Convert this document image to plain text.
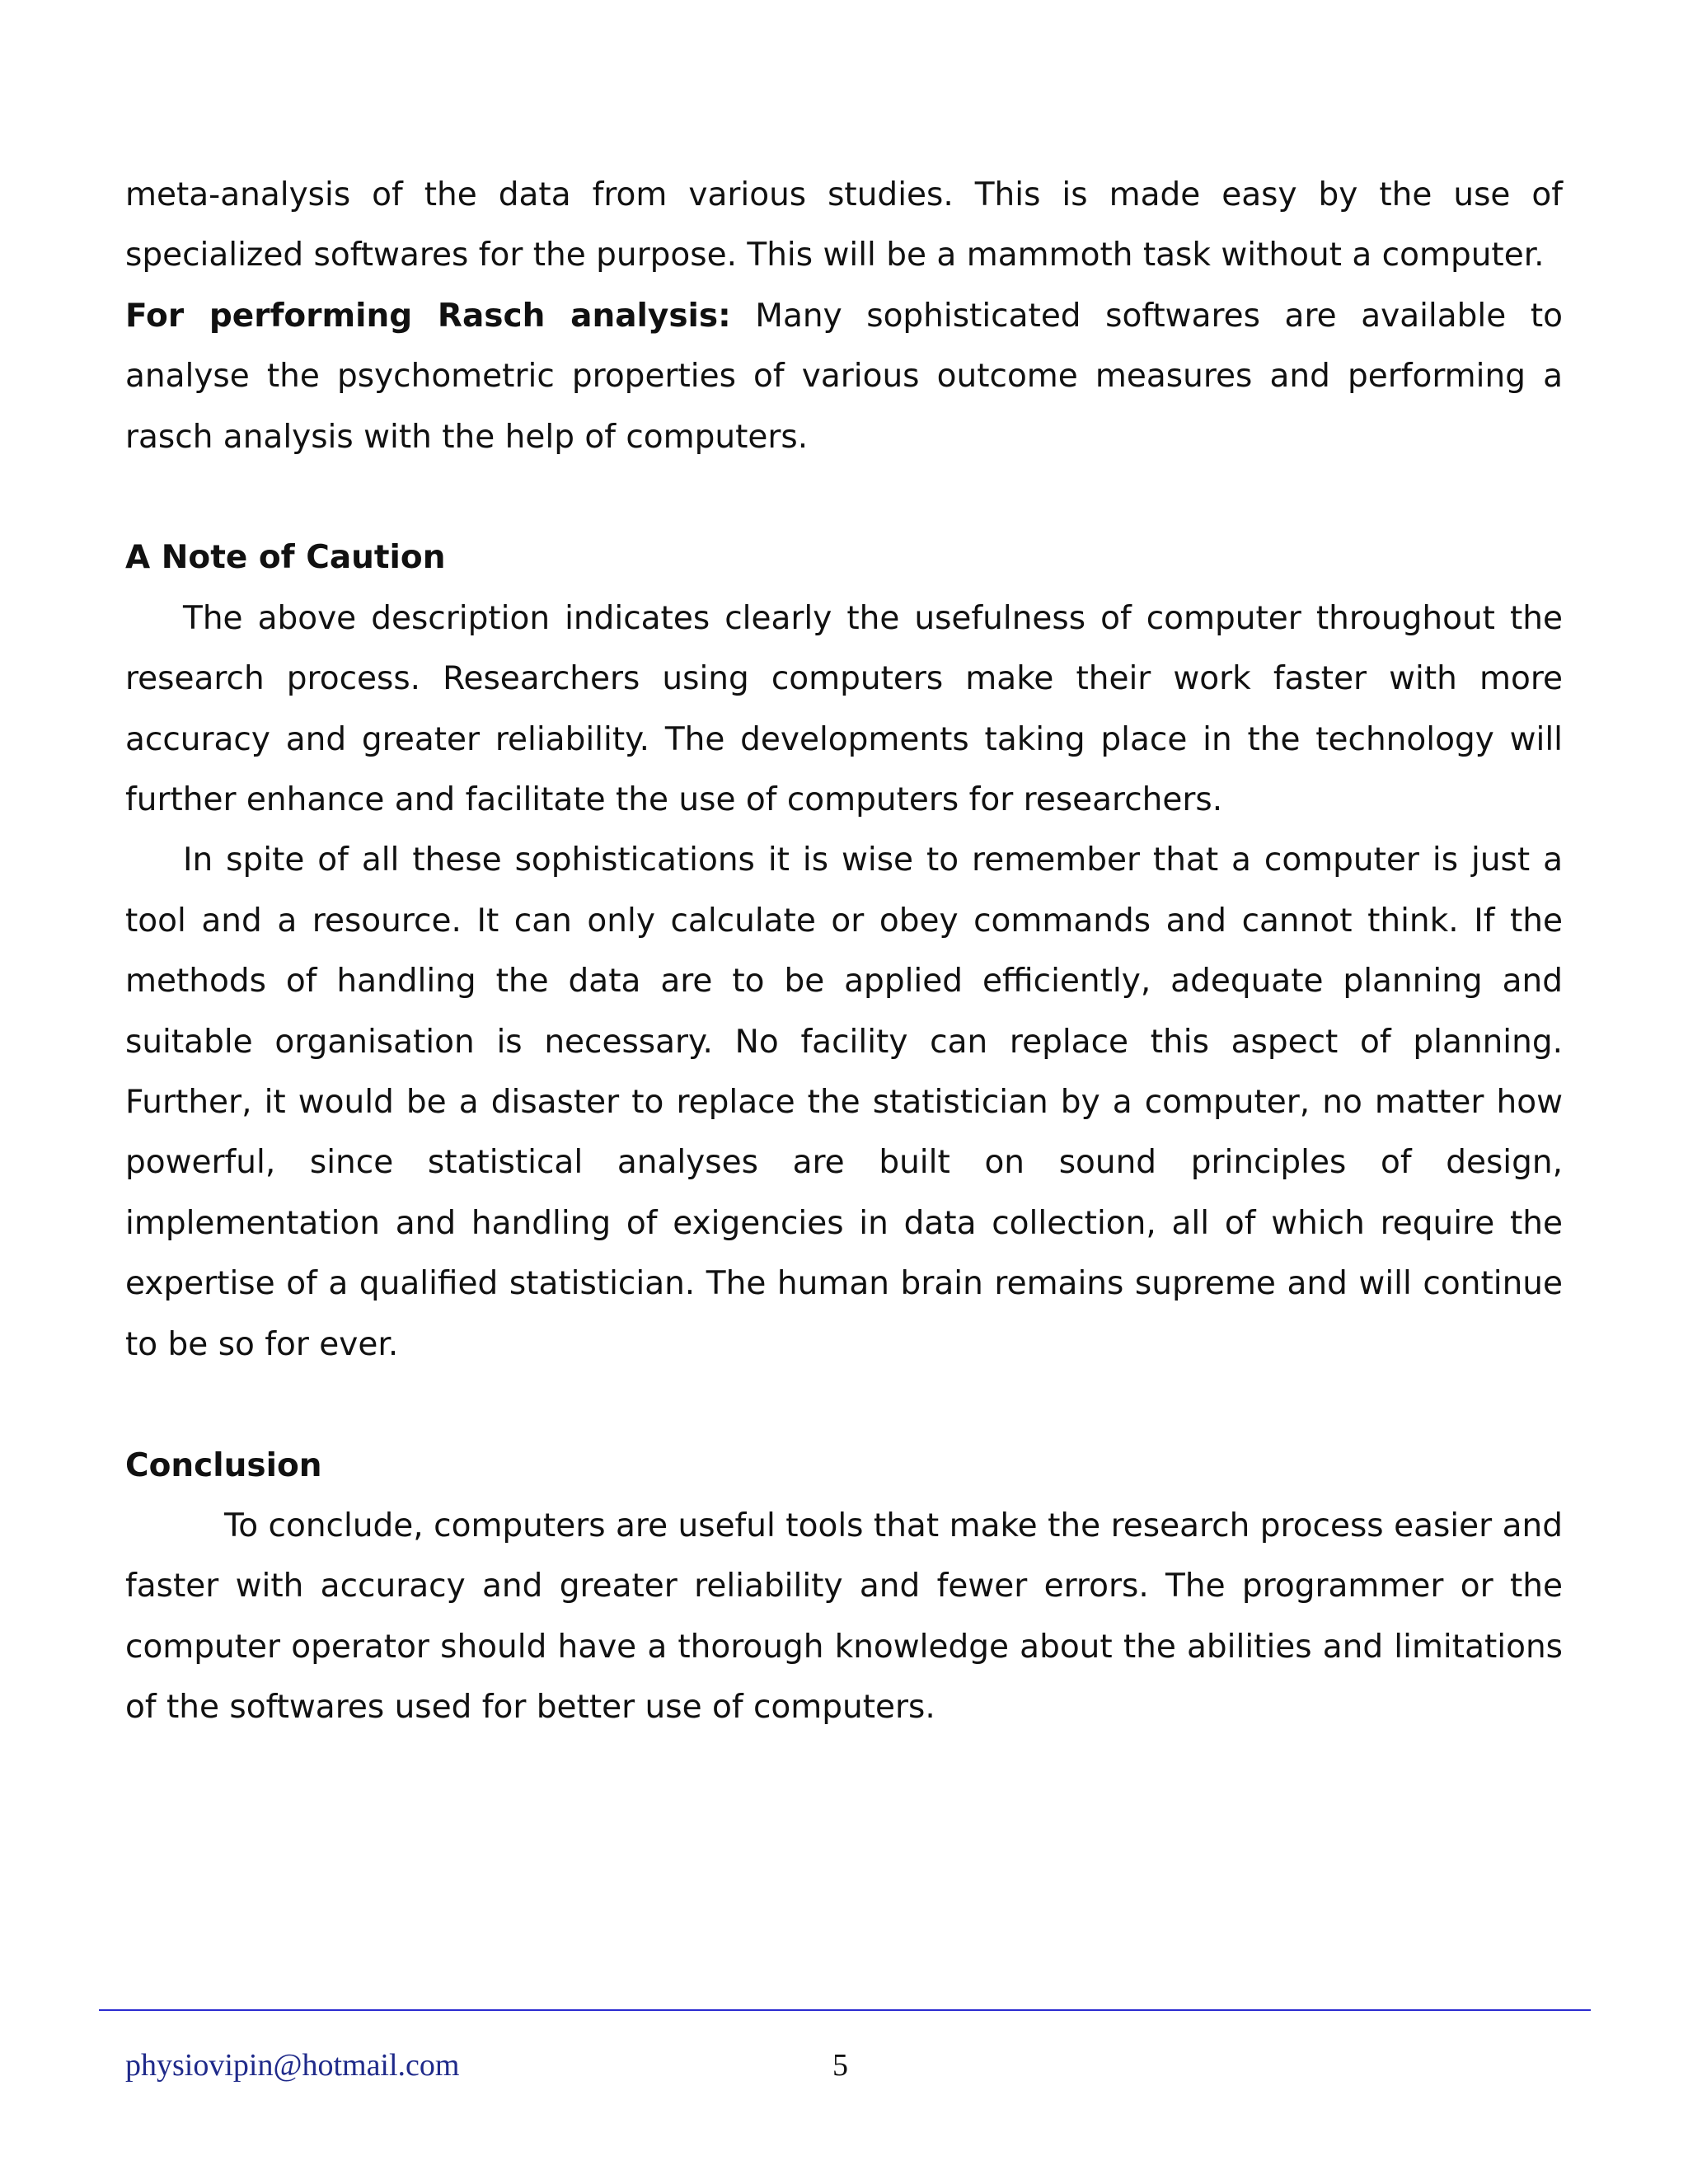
meta-analysis of the data from various studies. This is made easy by the use of specialized softwares for the purpose. This will be a mammoth task without a computer.

For performing Rasch analysis: Many sophisticated softwares are available to analyse the psychometric properties of various outcome measures and performing a rasch analysis with the help of computers.

A Note of Caution

The above description indicates clearly the usefulness of computer throughout the research process. Researchers using computers make their work faster with more accuracy and greater reliability. The developments taking place in the technology will further enhance and facilitate the use of computers for researchers.

In spite of all these sophistications it is wise to remember that a computer is just a tool and a resource. It can only calculate or obey commands and cannot think. If the methods of handling the data are to be applied efficiently, adequate planning and suitable organisation is necessary. No facility can replace this aspect of planning. Further, it would be a disaster to replace the statistician by a computer, no matter how powerful, since statistical analyses are built on sound principles of design, implementation and handling of exigencies in data collection, all of which require the expertise of a qualified statistician. The human brain remains supreme and will continue to be so for ever.

Conclusion

To conclude, computers are useful tools that make the research process easier and faster with accuracy and greater reliability and fewer errors. The programmer or the computer operator should have a thorough knowledge about the abilities and limitations of the softwares used for better use of computers.

physiovipin@hotmail.com	5
